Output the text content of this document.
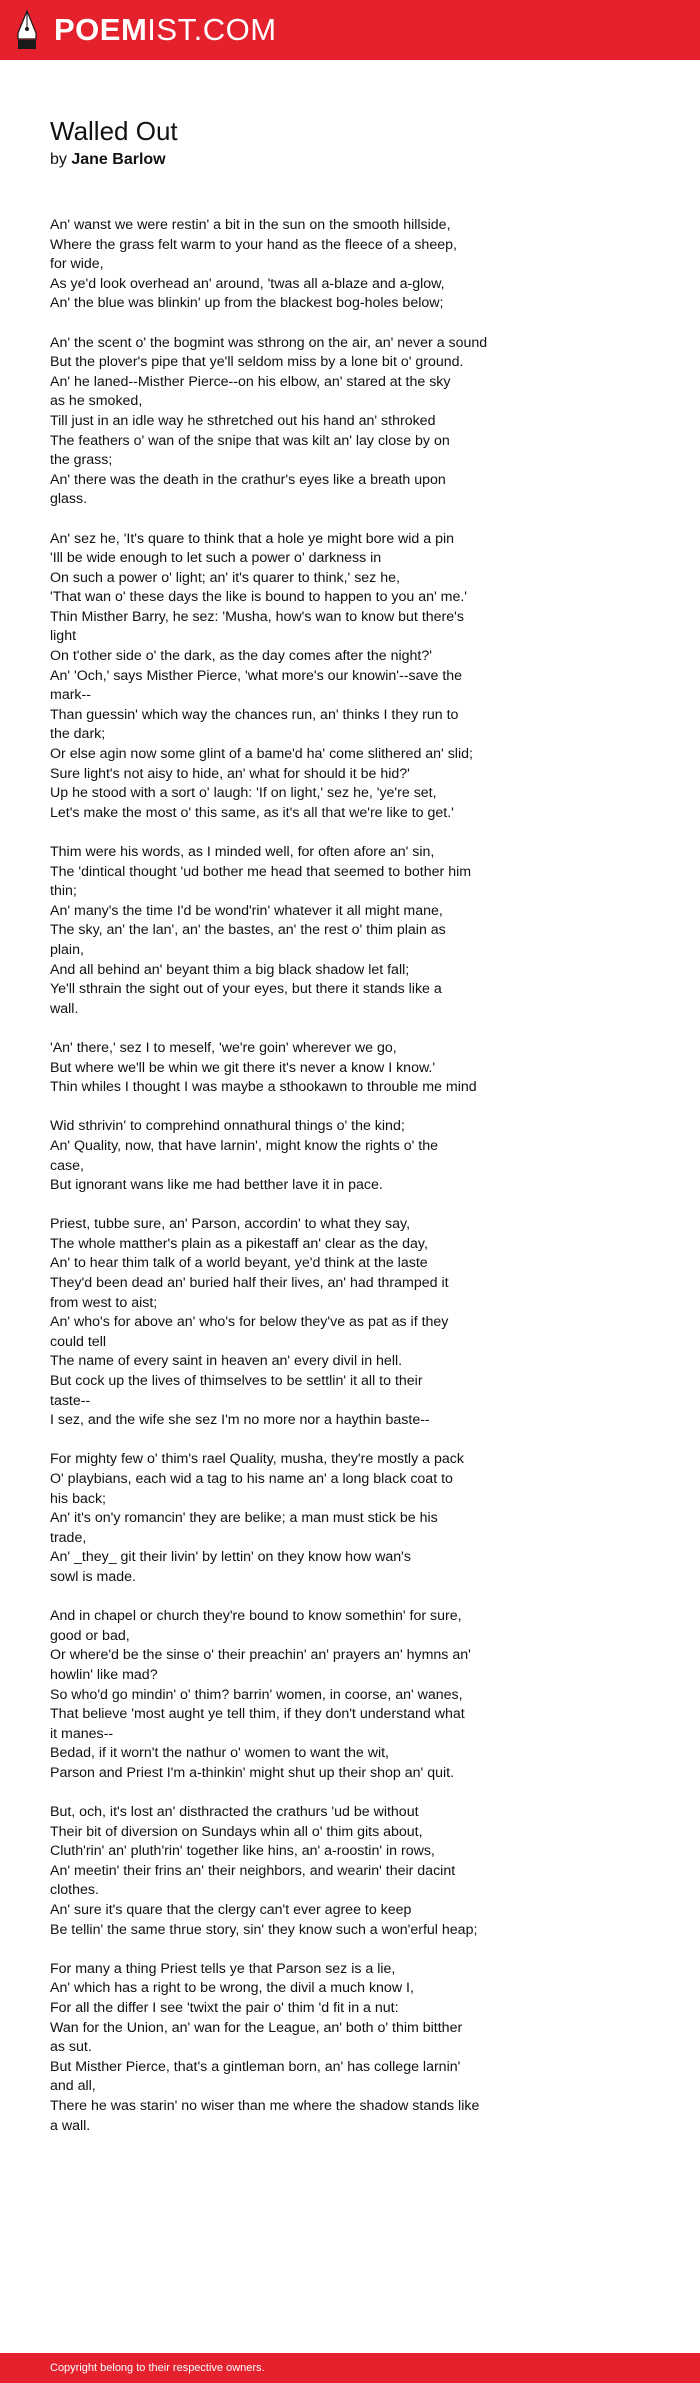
POEMIST.COM
Walled Out
by Jane Barlow
An' wanst we were restin' a bit in the sun on the smooth hillside,
Where the grass felt warm to your hand as the fleece of a sheep,
for wide,
As ye'd look overhead an' around, 'twas all a-blaze and a-glow,
An' the blue was blinkin' up from the blackest bog-holes below;
An' the scent o' the bogmint was sthrong on the air, an' never a sound
But the plover's pipe that ye'll seldom miss by a lone bit o' ground.
An' he laned--Misther Pierce--on his elbow, an' stared at the sky
as he smoked,
Till just in an idle way he sthretched out his hand an' sthroked
The feathers o' wan of the snipe that was kilt an' lay close by on
the grass;
An' there was the death in the crathur's eyes like a breath upon
glass.
An' sez he, 'It's quare to think that a hole ye might bore wid a pin
'Ill be wide enough to let such a power o' darkness in
On such a power o' light; an' it's quarer to think,' sez he,
'That wan o' these days the like is bound to happen to you an' me.'
Thin Misther Barry, he sez: 'Musha, how's wan to know but there's
light
On t'other side o' the dark, as the day comes after the night?'
An' 'Och,' says Misther Pierce, 'what more's our knowin'--save the
mark--
Than guessin' which way the chances run, an' thinks I they run to
the dark;
Or else agin now some glint of a bame'd ha' come slithered an' slid;
Sure light's not aisy to hide, an' what for should it be hid?'
Up he stood with a sort o' laugh: 'If on light,' sez he, 'ye're set,
Let's make the most o' this same, as it's all that we're like to get.'
Thim were his words, as I minded well, for often afore an' sin,
The 'dintical thought 'ud bother me head that seemed to bother him
thin;
An' many's the time I'd be wond'rin' whatever it all might mane,
The sky, an' the lan', an' the bastes, an' the rest o' thim plain as
plain,
And all behind an' beyant thim a big black shadow let fall;
Ye'll sthrain the sight out of your eyes, but there it stands like a
wall.
'An' there,' sez I to meself, 'we're goin' wherever we go,
But where we'll be whin we git there it's never a know I know.'
Thin whiles I thought I was maybe a sthookawn to throuble me mind
Wid sthrivin' to comprehind onnathural things o' the kind;
An' Quality, now, that have larnin', might know the rights o' the
case,
But ignorant wans like me had betther lave it in pace.
Priest, tubbe sure, an' Parson, accordin' to what they say,
The whole matther's plain as a pikestaff an' clear as the day,
An' to hear thim talk of a world beyant, ye'd think at the laste
They'd been dead an' buried half their lives, an' had thramped it
from west to aist;
An' who's for above an' who's for below they've as pat as if they
could tell
The name of every saint in heaven an' every divil in hell.
But cock up the lives of thimselves to be settlin' it all to their
taste--
I sez, and the wife she sez I'm no more nor a haythin baste--
For mighty few o' thim's rael Quality, musha, they're mostly a pack
O' playbians, each wid a tag to his name an' a long black coat to
his back;
An' it's on'y romancin' they are belike; a man must stick be his
trade,
An' _they_ git their livin' by lettin' on they know how wan's
sowl is made.
And in chapel or church they're bound to know somethin' for sure,
good or bad,
Or where'd be the sinse o' their preachin' an' prayers an' hymns an'
howlin' like mad?
So who'd go mindin' o' thim? barrin' women, in coorse, an' wanes,
That believe 'most aught ye tell thim, if they don't understand what
it manes--
Bedad, if it worn't the nathur o' women to want the wit,
Parson and Priest I'm a-thinkin' might shut up their shop an' quit.
But, och, it's lost an' disthracted the crathurs 'ud be without
Their bit of diversion on Sundays whin all o' thim gits about,
Cluth'rin' an' pluth'rin' together like hins, an' a-roostin' in rows,
An' meetin' their frins an' their neighbors, and wearin' their dacint
clothes.
An' sure it's quare that the clergy can't ever agree to keep
Be tellin' the same thrue story, sin' they know such a won'erful heap;
For many a thing Priest tells ye that Parson sez is a lie,
An' which has a right to be wrong, the divil a much know I,
For all the differ I see 'twixt the pair o' thim 'd fit in a nut:
Wan for the Union, an' wan for the League, an' both o' thim bitther
as sut.
But Misther Pierce, that's a gintleman born, an' has college larnin'
and all,
There he was starin' no wiser than me where the shadow stands like
a wall.
Copyright belong to their respective owners.
